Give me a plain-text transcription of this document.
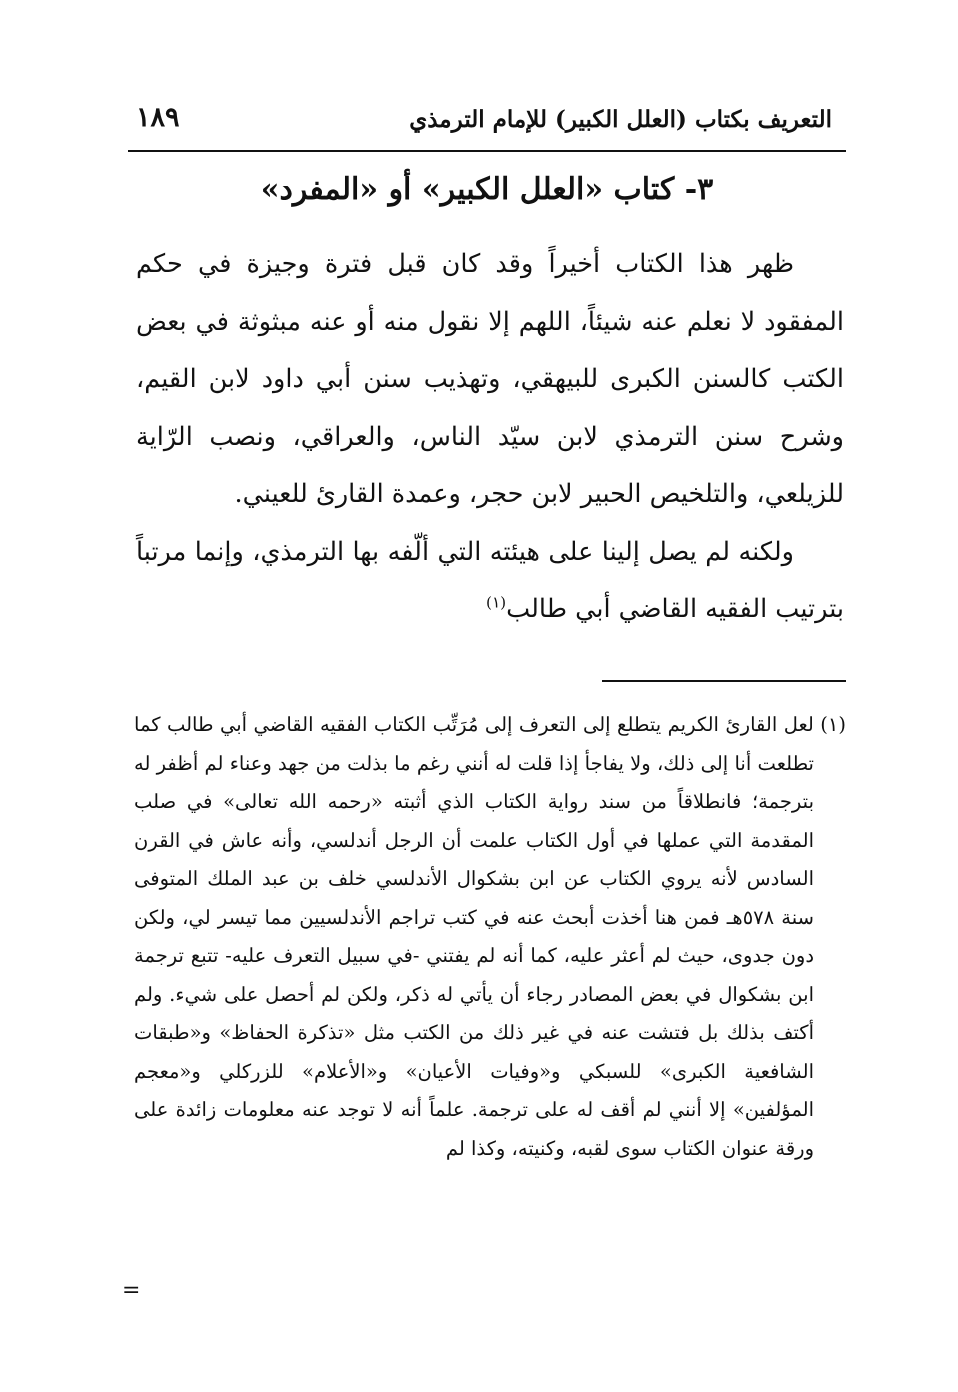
التعريف بكتاب (العلل الكبير) للإمام الترمذي
١٨٩
٣- كتاب «العلل الكبير» أو «المفرد»

ظهر هذا الكتاب أخيراً وقد كان قبل فترة وجيزة في حكم المفقود لا نعلم عنه شيئاً، اللهم إلا نقول منه أو عنه مبثوثة في بعض الكتب كالسنن الكبرى للبيهقي، وتهذيب سنن أبي داود لابن القيم، وشرح سنن الترمذي لابن سيّد الناس، والعراقي، ونصب الرّاية للزيلعي، والتلخيص الحبير لابن حجر، وعمدة القارئ للعيني.

ولكنه لم يصل إلينا على هيئته التي ألّفه بها الترمذي، وإنما مرتباً بترتيب الفقيه القاضي أبي طالب$^{(١)}$

(١) لعل القارئ الكريم يتطلع إلى التعرف إلى مُرَتِّب الكتاب الفقيه القاضي أبي طالب كما تطلعت أنا إلى ذلك، ولا يفاجأ إذا قلت له أنني رغم ما بذلت من جهد وعناء لم أظفر له بترجمة؛ فانطلاقاً من سند رواية الكتاب الذي أثبته «رحمه الله تعالى» في صلب المقدمة التي عملها في أول الكتاب علمت أن الرجل أندلسي، وأنه عاش في القرن السادس لأنه يروي الكتاب عن ابن بشكوال الأندلسي خلف بن عبد الملك المتوفى سنة ٥٧٨هـ فمن هنا أخذت أبحث عنه في كتب تراجم الأندلسيين مما تيسر لي، ولكن دون جدوى، حيث لم أعثر عليه، كما أنه لم يفتني -في سبيل التعرف عليه- تتبع ترجمة ابن بشكوال في بعض المصادر رجاء أن يأتي له ذكر، ولكن لم أحصل على شيء. ولم أكتف بذلك بل فتشت عنه في غير ذلك من الكتب مثل «تذكرة الحفاظ» و«طبقات الشافعية الكبرى» للسبكي و«وفيات الأعيان» و«الأعلام» للزركلي و«معجم المؤلفين» إلا أنني لم أقف له على ترجمة. علماً أنه لا توجد عنه معلومات زائدة على ورقة عنوان الكتاب سوى لقبه، وكنيته، وكذا لم

=
